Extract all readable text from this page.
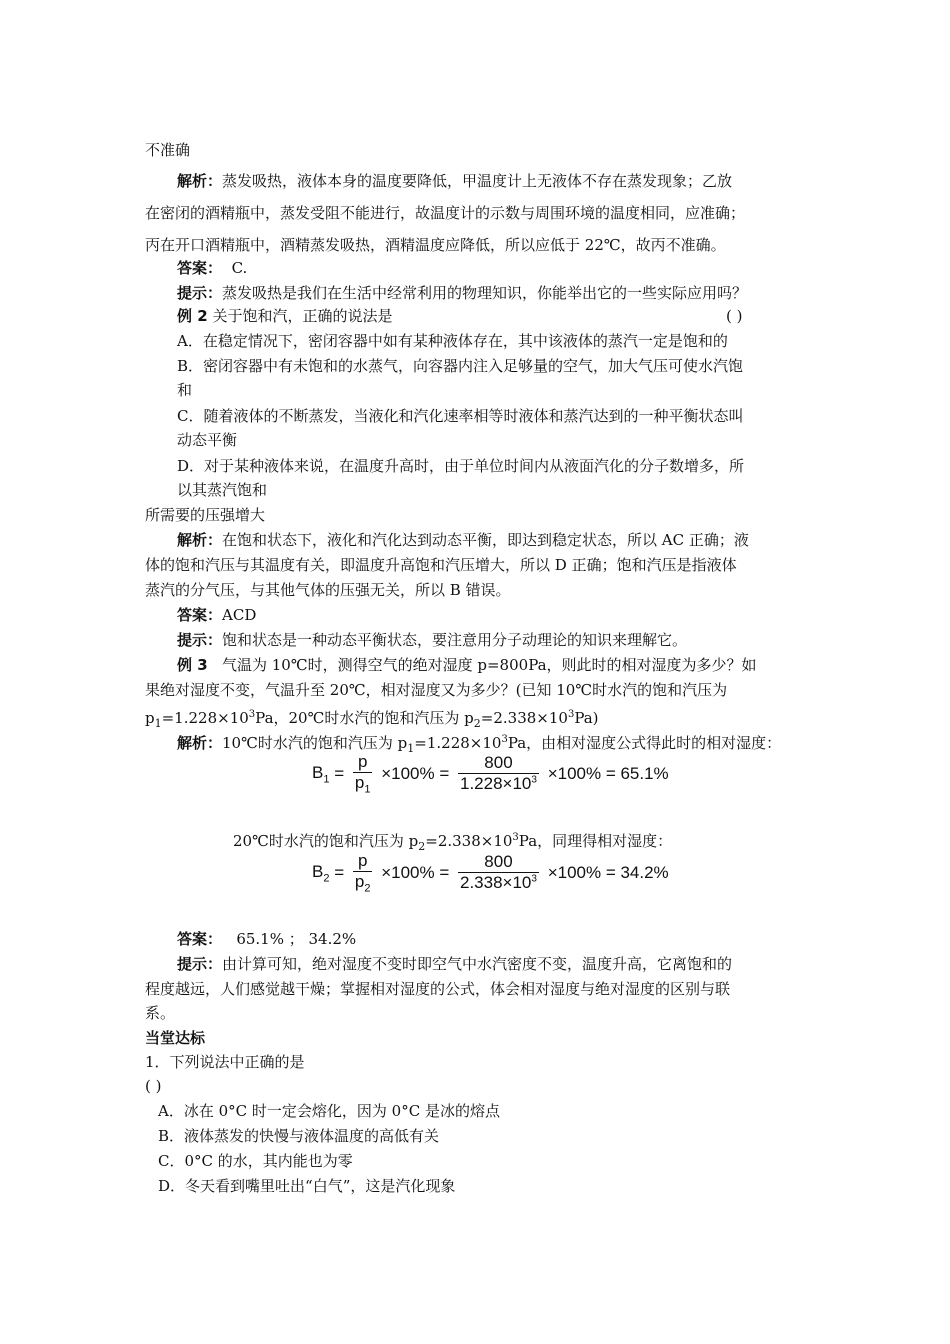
不准确
解析：蒸发吸热，液体本身的温度要降低，甲温度计上无液体不存在蒸发现象；乙放
在密闭的酒精瓶中，蒸发受阻不能进行，故温度计的示数与周围环境的温度相同，应准确；
丙在开口酒精瓶中，酒精蒸发吸热，酒精温度应降低，所以应低于 22℃，故丙不准确。
答案： C.
提示：蒸发吸热是我们在生活中经常利用的物理知识，你能举出它的一些实际应用吗？
例 2 关于饱和汽，正确的说法是	( )
A．在稳定情况下，密闭容器中如有某种液体存在，其中该液体的蒸汽一定是饱和的
B．密闭容器中有未饱和的水蒸气，向容器内注入足够量的空气，加大气压可使水汽饱
和
C．随着液体的不断蒸发，当液化和汽化速率相等时液体和蒸汽达到的一种平衡状态叫
动态平衡
D．对于某种液体来说，在温度升高时，由于单位时间内从液面汽化的分子数增多，所
以其蒸汽饱和
所需要的压强增大
解析：在饱和状态下，液化和汽化达到动态平衡，即达到稳定状态，所以 AC 正确；液
体的饱和汽压与其温度有关，即温度升高饱和汽压增大，所以 D 正确；饱和汽压是指液体
蒸汽的分气压，与其他气体的压强无关，所以 B 错误。
答案：ACD
提示：饱和状态是一种动态平衡状态，要注意用分子动理论的知识来理解它。
例 3 气温为 10℃时，测得空气的绝对湿度 p=800Pa，则此时的相对湿度为多少？如
果绝对湿度不变，气温升至 20℃，相对湿度又为多少？(已知 10℃时水汽的饱和汽压为
$p_1=1.228\times 10^3Pa$，20℃时水汽的饱和汽压为 $p_2=2.338\times 10^3Pa$)
解析：10℃时水汽的饱和汽压为 $p_1=1.228\times 10^3Pa$，由相对湿度公式得此时的相对湿度：
$B_1 = \frac{p}{p_1} \times 100\% = \frac{800}{1.228\times 10^3} \times 100\% = 65.1\%$
20℃时水汽的饱和汽压为 $p_2=2.338\times 10^3Pa$，同理得相对湿度：
$B_2 = \frac{p}{p_2} \times 100\% = \frac{800}{2.338\times 10^3} \times 100\% = 34.2\%$
答案： 65.1% ； 34.2%
提示：由计算可知，绝对湿度不变时即空气中水汽密度不变，温度升高，它离饱和的
程度越远，人们感觉越干燥；掌握相对湿度的公式，体会相对湿度与绝对湿度的区别与联
系。
当堂达标
1．下列说法中正确的是
( )
A．冰在 0°C 时一定会熔化，因为 0°C 是冰的熔点
B．液体蒸发的快慢与液体温度的高低有关
C．0°C 的水，其内能也为零
D．冬天看到嘴里吐出“白气”，这是汽化现象
